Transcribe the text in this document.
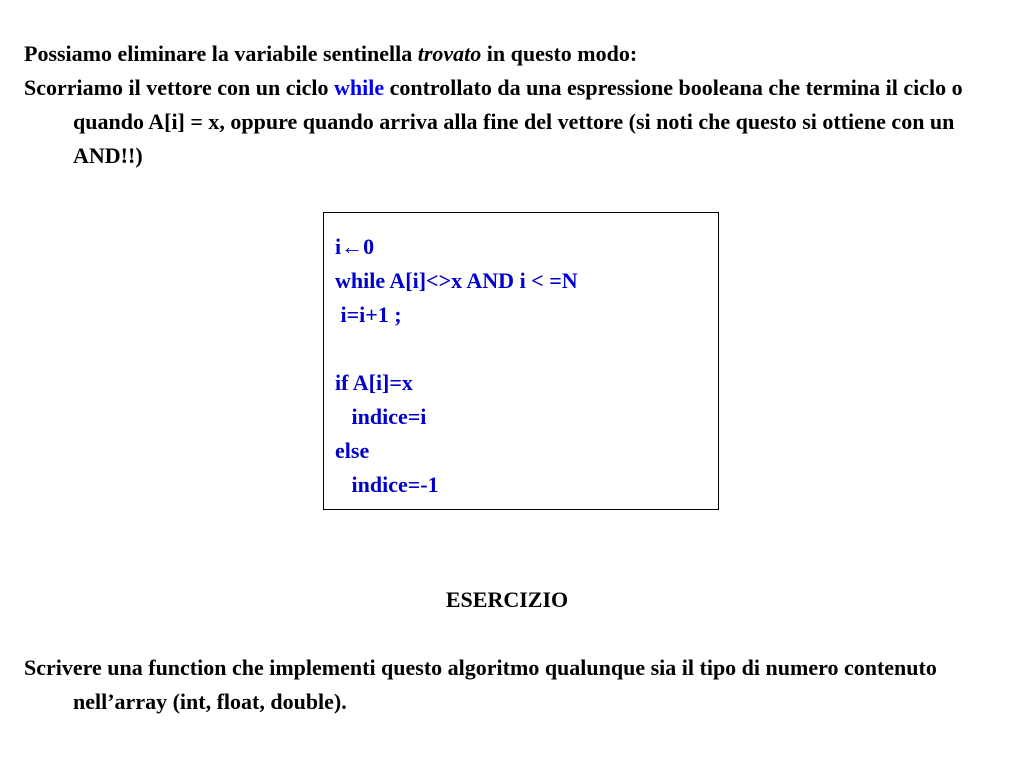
Possiamo eliminare la variabile sentinella trovato in questo modo:

Scorriamo il vettore con un ciclo while controllato da una espressione booleana che termina il ciclo o quando A[i] = x, oppure quando arriva alla fine del vettore (si noti che questo si ottiene con un AND!!)

i←0
while A[i]<>x AND i < =N
i=i+1 ;
if A[i]=x
indice=i
else
indice=-1
ESERCIZIO

Scrivere una function che implementi questo algoritmo qualunque sia il tipo di numero contenuto nell’array (int, float, double).
